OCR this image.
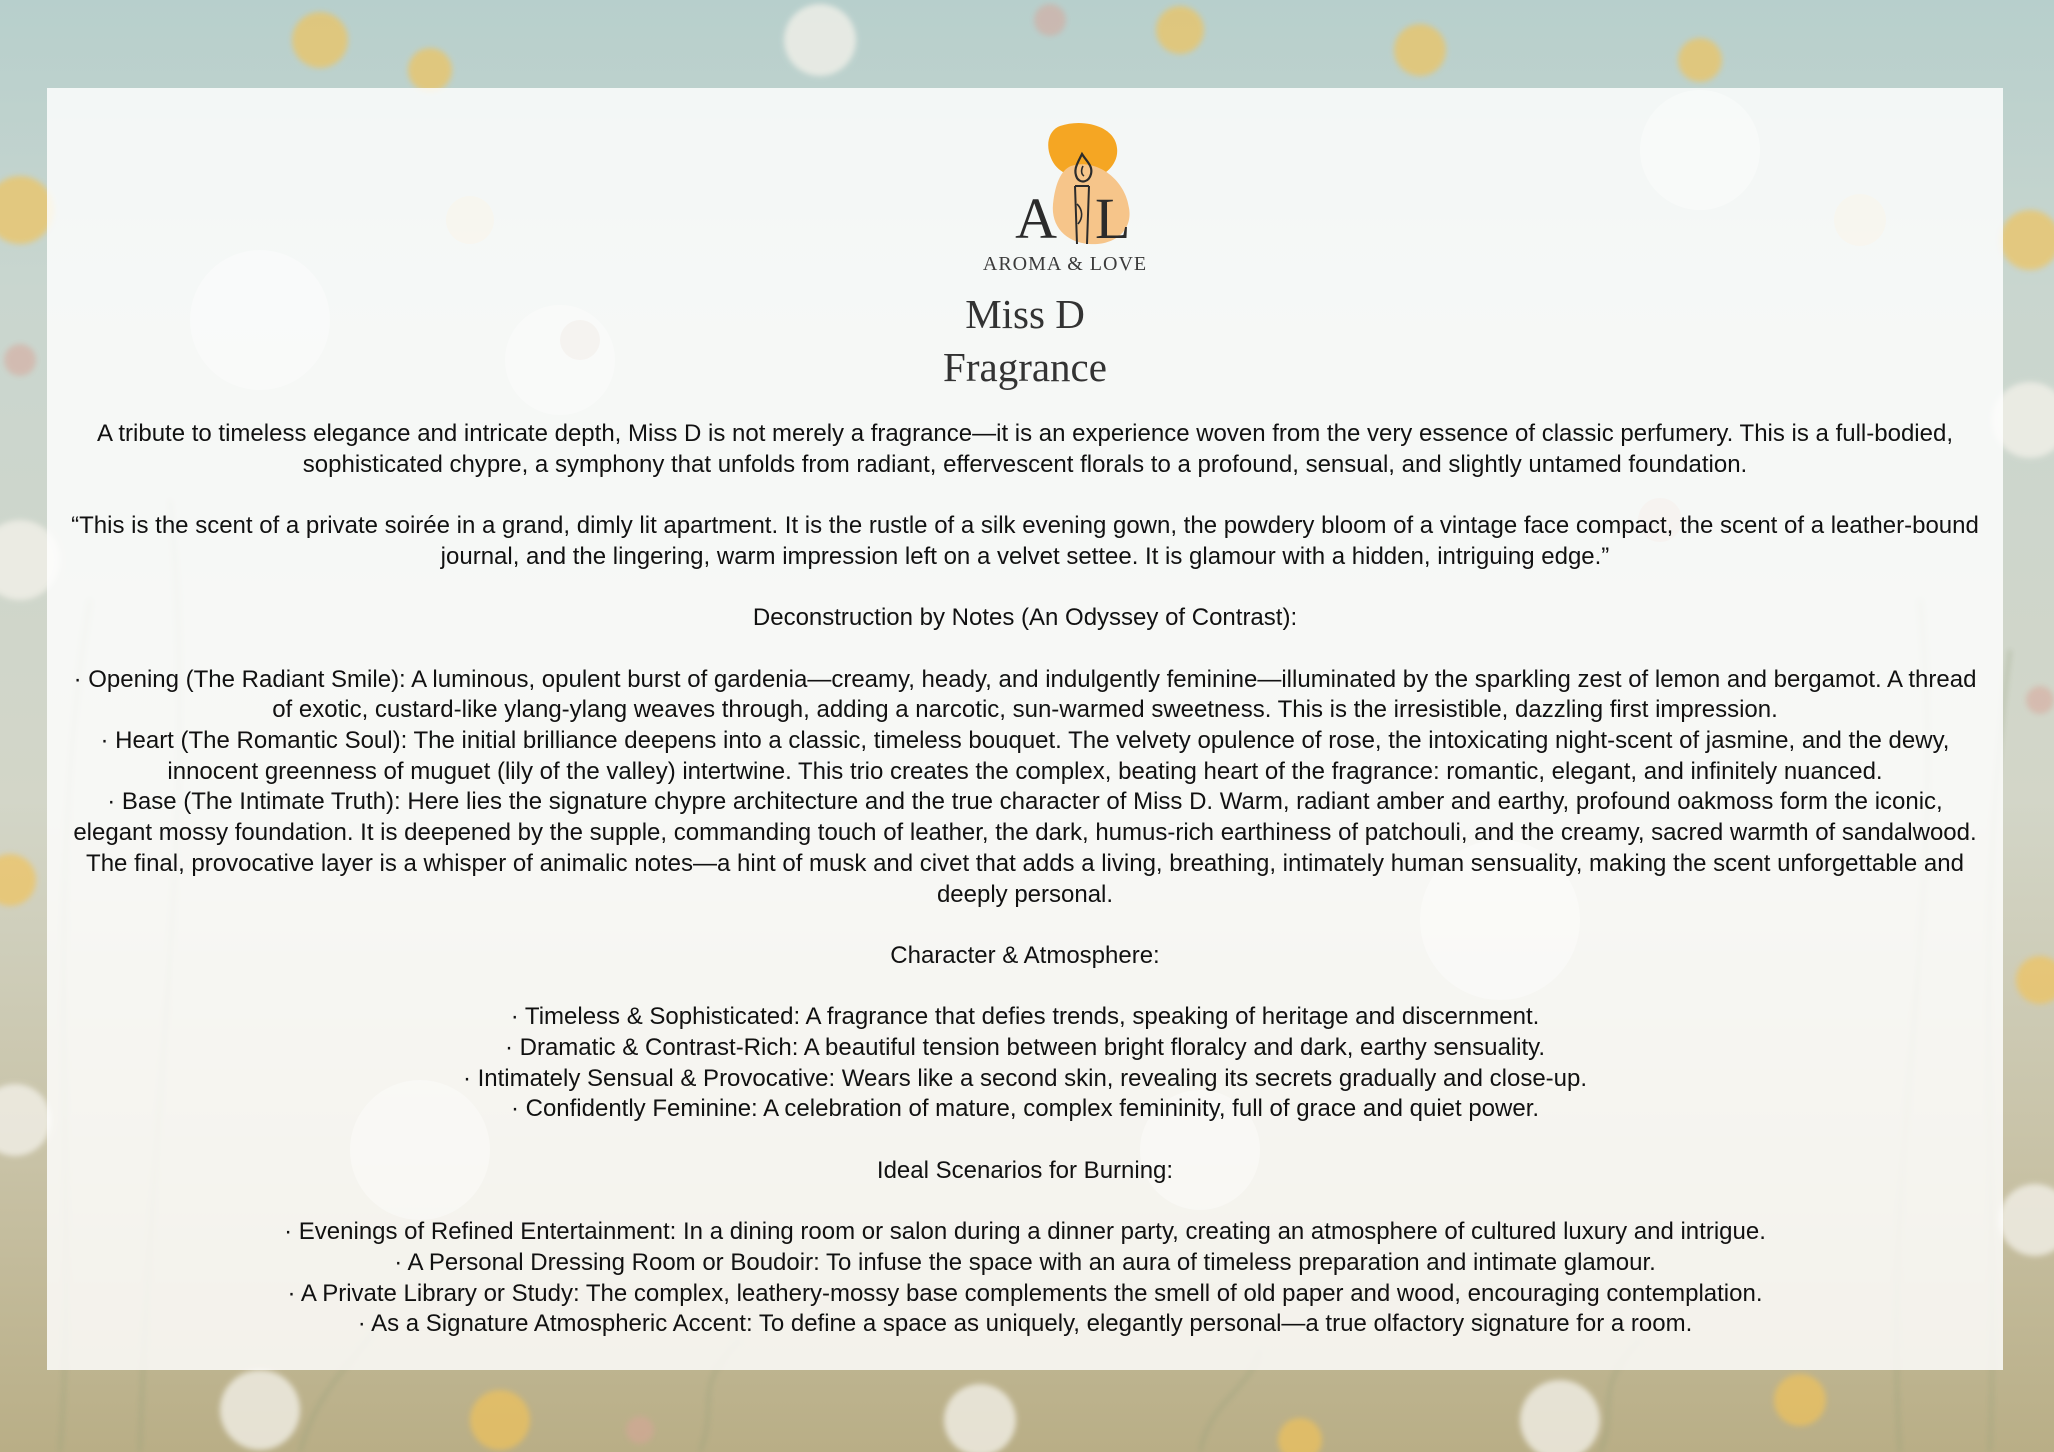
A L
AROMA & LOVE
Miss D
Fragrance

A tribute to timeless elegance and intricate depth, Miss D is not merely a fragrance—it is an experience woven from the very essence of classic perfumery. This is a full-bodied, sophisticated chypre, a symphony that unfolds from radiant, effervescent florals to a profound, sensual, and slightly untamed foundation.

“This is the scent of a private soirée in a grand, dimly lit apartment. It is the rustle of a silk evening gown, the powdery bloom of a vintage face compact, the scent of a leather-bound journal, and the lingering, warm impression left on a velvet settee. It is glamour with a hidden, intriguing edge.”

Deconstruction by Notes (An Odyssey of Contrast):

· Opening (The Radiant Smile): A luminous, opulent burst of gardenia—creamy, heady, and indulgently feminine—illuminated by the sparkling zest of lemon and bergamot. A thread of exotic, custard-like ylang-ylang weaves through, adding a narcotic, sun-warmed sweetness. This is the irresistible, dazzling first impression.

· Heart (The Romantic Soul): The initial brilliance deepens into a classic, timeless bouquet. The velvety opulence of rose, the intoxicating night-scent of jasmine, and the dewy, innocent greenness of muguet (lily of the valley) intertwine. This trio creates the complex, beating heart of the fragrance: romantic, elegant, and infinitely nuanced.

· Base (The Intimate Truth): Here lies the signature chypre architecture and the true character of Miss D. Warm, radiant amber and earthy, profound oakmoss form the iconic, elegant mossy foundation. It is deepened by the supple, commanding touch of leather, the dark, humus-rich earthiness of patchouli, and the creamy, sacred warmth of sandalwood. The final, provocative layer is a whisper of animalic notes—a hint of musk and civet that adds a living, breathing, intimately human sensuality, making the scent unforgettable and deeply personal.

Character & Atmosphere:

· Timeless & Sophisticated: A fragrance that defies trends, speaking of heritage and discernment.

· Dramatic & Contrast-Rich: A beautiful tension between bright floralcy and dark, earthy sensuality.

· Intimately Sensual & Provocative: Wears like a second skin, revealing its secrets gradually and close-up.

· Confidently Feminine: A celebration of mature, complex femininity, full of grace and quiet power.

Ideal Scenarios for Burning:

· Evenings of Refined Entertainment: In a dining room or salon during a dinner party, creating an atmosphere of cultured luxury and intrigue.

· A Personal Dressing Room or Boudoir: To infuse the space with an aura of timeless preparation and intimate glamour.

· A Private Library or Study: The complex, leathery-mossy base complements the smell of old paper and wood, encouraging contemplation.

· As a Signature Atmospheric Accent: To define a space as uniquely, elegantly personal—a true olfactory signature for a room.
